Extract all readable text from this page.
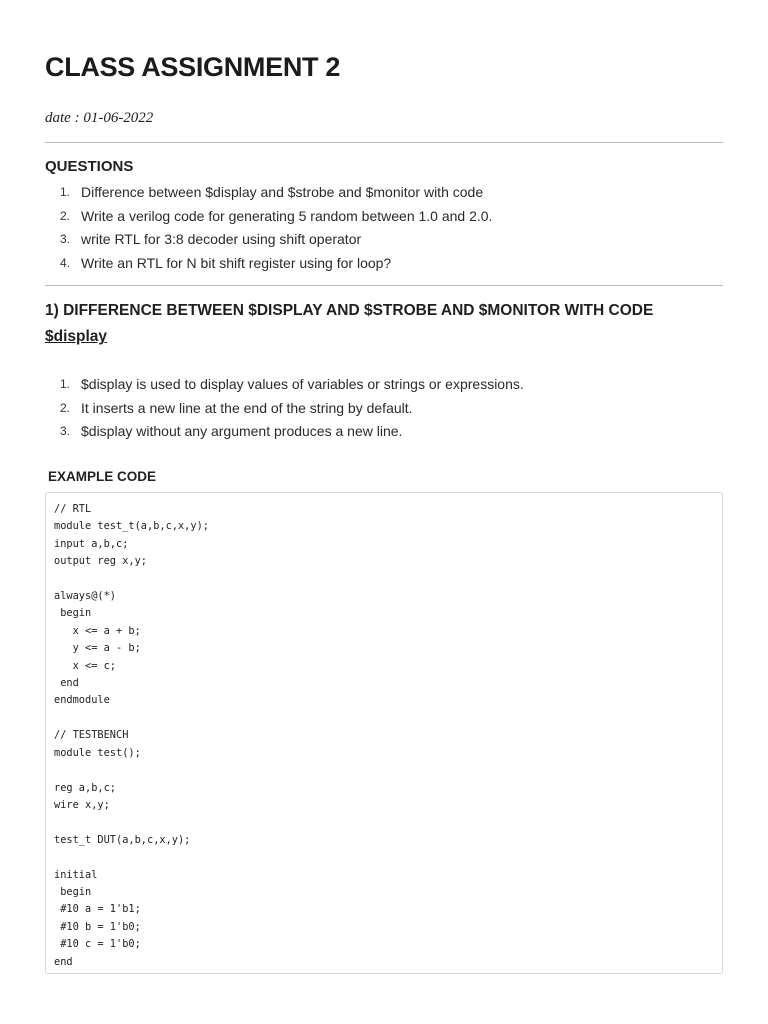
CLASS ASSIGNMENT 2
date : 01-06-2022
QUESTIONS
1. Difference between $display and $strobe and $monitor with code
2. Write a verilog code for generating 5 random between 1.0 and 2.0.
3. write RTL for 3:8 decoder using shift operator
4. Write an RTL for N bit shift register using for loop?
1) DIFFERENCE BETWEEN $DISPLAY AND $STROBE AND $MONITOR WITH CODE
$display
1. $display is used to display values of variables or strings or expressions.
2. It inserts a new line at the end of the string by default.
3. $display without any argument produces a new line.
EXAMPLE CODE
// RTL
module test_t(a,b,c,x,y);
input a,b,c;
output reg x,y;

always@(*)
begin
x <= a + b;
y <= a - b;
x <= c;
end
endmodule

// TESTBENCH
module test();

reg a,b,c;
wire x,y;

test_t DUT(a,b,c,x,y);

initial
begin
#10 a = 1'b1;
#10 b = 1'b0;
#10 c = 1'b0;
end
